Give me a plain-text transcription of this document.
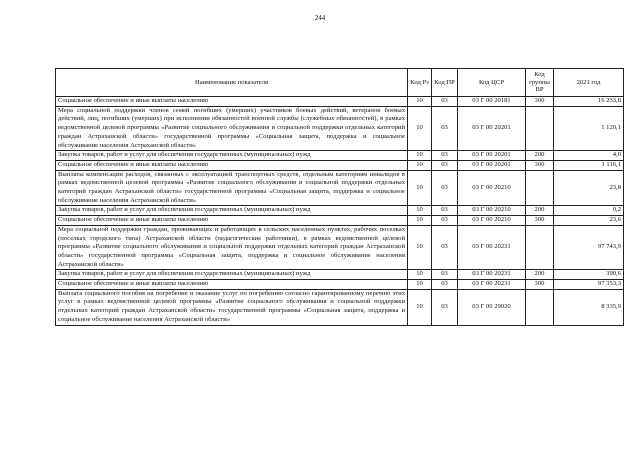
244
Наименование показателя	Код Рз	Код ПР	Код ЦСР	Код группы ВР	2021 год
Социальное обеспечение и иные выплаты населению	10	03	03 Г 00 20181	300	16 233,8
Мера социальной поддержки членов семей погибших (умерших) участников боевых действий, ветеранов боевых действий, лиц, погибших (умерших) при исполнении обязанностей военной службы (служебных обязанностей), в рамках ведомственной целевой программы «Развитие социального обслуживания и социальной поддержки отдельных категорий граждан Астраханской области» государственной программы «Социальная защита, поддержка и социальное обслуживание населения Астраханской области»	10	03	03 Г 00 20201		1 120,1
Закупка товаров, работ и услуг для обеспечения государственных (муниципальных) нужд	10	03	03 Г 00 20201	200	4,0
Социальное обеспечение и иные выплаты населению	10	03	03 Г 00 20201	300	1 116,1
Выплаты компенсации расходов, связанных с эксплуатацией транспортных средств, отдельным категориям инвалидов в рамках ведомственной целевой программы «Развитие социального обслуживания и социальной поддержки отдельных категорий граждан Астраханской области» государственной программы «Социальная защита, поддержка и социальное обслуживание населения Астраханской области»	10	03	03 Г 00 20210		23,8
Закупка товаров, работ и услуг для обеспечения государственных (муниципальных) нужд	10	03	03 Г 00 20210	200	0,2
Социальное обеспечение и иные выплаты населению	10	03	03 Г 00 20210	300	23,6
Мера социальной поддержки граждан, проживающих и работающих в сельских населенных пунктах, рабочих поселках (поселках городского типа) Астраханской области (педагогические работники), в рамках ведомственной целевой программы «Развитие социального обслуживания и социальной поддержки отдельных категорий граждан Астраханской области» государственной программы «Социальная защита, поддержка и социальное обслуживание населения Астраханской области»	10	03	03 Г 00 20231		97 743,9
Закупка товаров, работ и услуг для обеспечения государственных (муниципальных) нужд	10	03	03 Г 00 20231	200	390,6
Социальное обеспечение и иные выплаты населению	10	03	03 Г 00 20231	300	97 353,3
Выплата социального пособия на погребение и оказание услуг по погребению согласно гарантированному перечню этих услуг в рамках ведомственной целевой программы «Развитие социального обслуживания и социальной поддержки отдельных категорий граждан Астраханской области» государственной программы «Социальная защита, поддержка и социальное обслуживание населения Астраханской области»	10	03	03 Г 00 29020		8 335,9
